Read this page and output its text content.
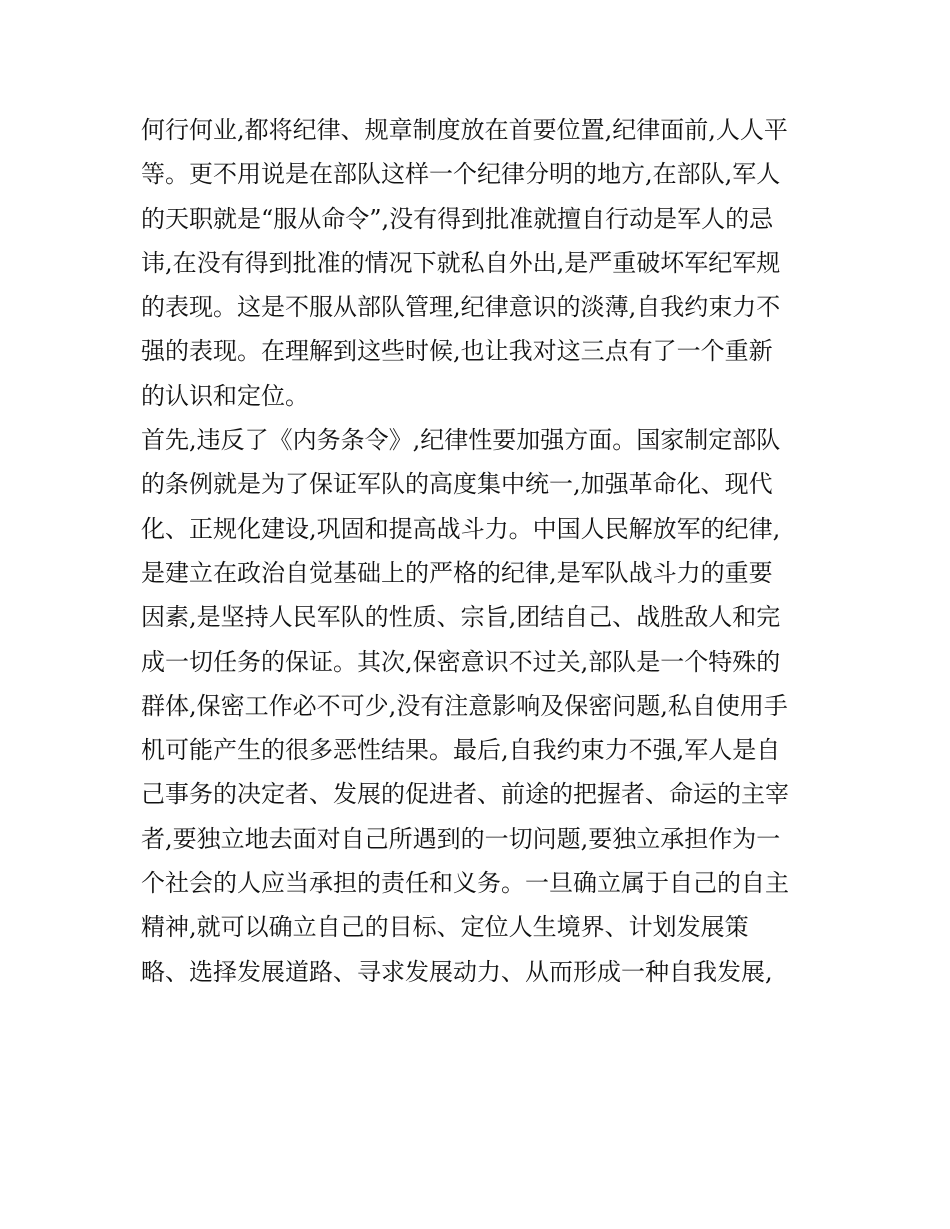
何行何业,都将纪律、规章制度放在首要位置,纪律面前,人人平
等。更不用说是在部队这样一个纪律分明的地方,在部队,军人
的天职就是“服从命令”,没有得到批准就擅自行动是军人的忌
讳,在没有得到批准的情况下就私自外出,是严重破坏军纪军规
的表现。这是不服从部队管理,纪律意识的淡薄,自我约束力不
强的表现。在理解到这些时候,也让我对这三点有了一个重新
的认识和定位。
首先,违反了《内务条令》,纪律性要加强方面。国家制定部队
的条例就是为了保证军队的高度集中统一,加强革命化、现代
化、正规化建设,巩固和提高战斗力。中国人民解放军的纪律,
是建立在政治自觉基础上的严格的纪律,是军队战斗力的重要
因素,是坚持人民军队的性质、宗旨,团结自己、战胜敌人和完
成一切任务的保证。其次,保密意识不过关,部队是一个特殊的
群体,保密工作必不可少,没有注意影响及保密问题,私自使用手
机可能产生的很多恶性结果。最后,自我约束力不强,军人是自
己事务的决定者、发展的促进者、前途的把握者、命运的主宰
者,要独立地去面对自己所遇到的一切问题,要独立承担作为一
个社会的人应当承担的责任和义务。一旦确立属于自己的自主
精神,就可以确立自己的目标、定位人生境界、计划发展策
略、选择发展道路、寻求发展动力、从而形成一种自我发展,
